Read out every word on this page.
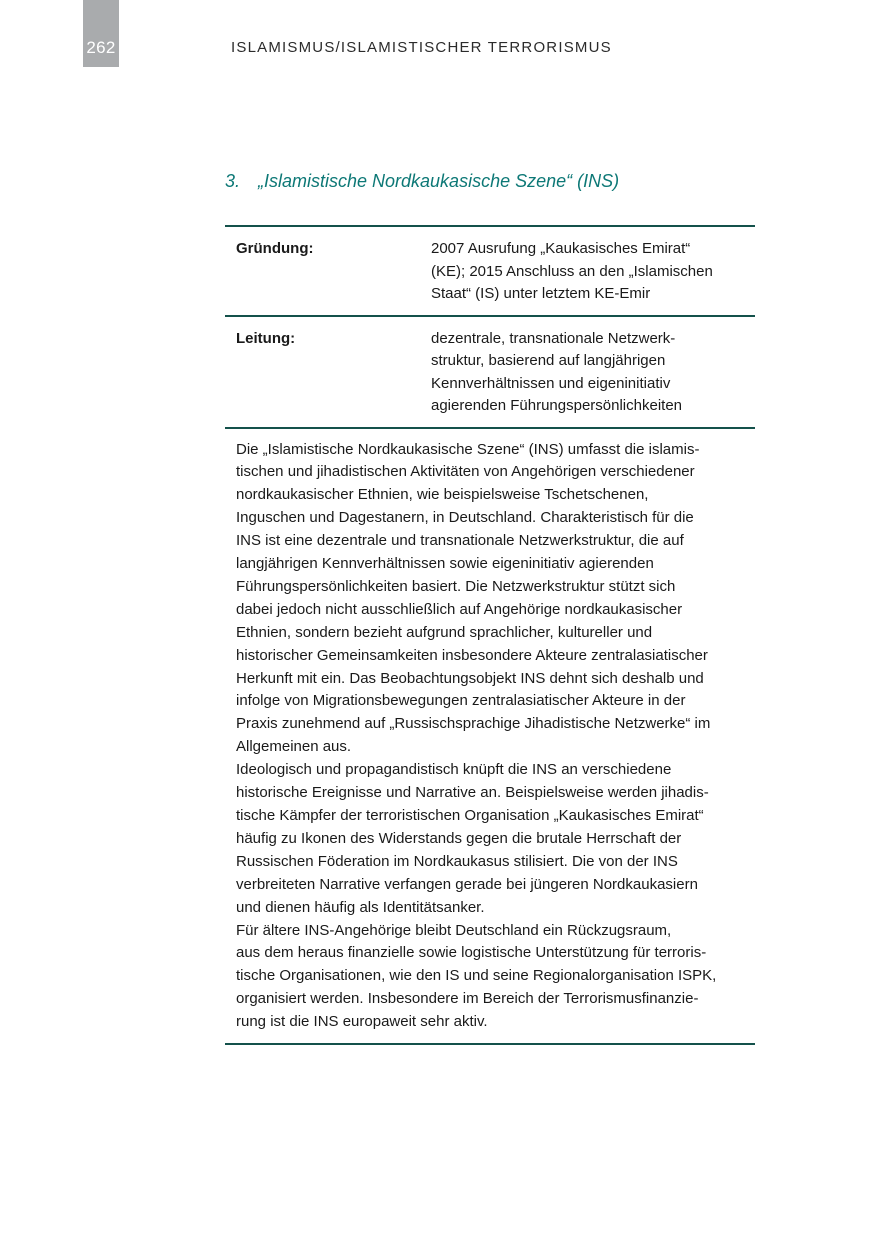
262	ISLAMISMUS/ISLAMISTISCHER TERRORISMUS
3. „Islamistische Nordkaukasische Szene“ (INS)
Gründung:	2007 Ausrufung „Kaukasisches Emirat“
(KE); 2015 Anschluss an den „Islamischen
Staat“ (IS) unter letztem KE-Emir
Leitung:	dezentrale, transnationale Netzwerk-
struktur, basierend auf langjährigen
Kennverhältnissen und eigeninitiativ
agierenden Führungspersönlichkeiten

Die „Islamistische Nordkaukasische Szene“ (INS) umfasst die islamis-

tischen und jihadistischen Aktivitäten von Angehörigen verschiedener

nordkaukasischer Ethnien, wie beispielsweise Tschetschenen,

Inguschen und Dagestanern, in Deutschland. Charakteristisch für die

INS ist eine dezentrale und transnationale Netzwerkstruktur, die auf

langjährigen Kennverhältnissen sowie eigeninitiativ agierenden

Führungspersönlichkeiten basiert. Die Netzwerkstruktur stützt sich

dabei jedoch nicht ausschließlich auf Angehörige nordkaukasischer

Ethnien, sondern bezieht aufgrund sprachlicher, kultureller und

historischer Gemeinsamkeiten insbesondere Akteure zentralasiatischer

Herkunft mit ein. Das Beobachtungsobjekt INS dehnt sich deshalb und

infolge von Migrationsbewegungen zentralasiatischer Akteure in der

Praxis zunehmend auf „Russischsprachige Jihadistische Netzwerke“ im

Allgemeinen aus.

Ideologisch und propagandistisch knüpft die INS an verschiedene

historische Ereignisse und Narrative an. Beispielsweise werden jihadis-

tische Kämpfer der terroristischen Organisation „Kaukasisches Emirat“

häufig zu Ikonen des Widerstands gegen die brutale Herrschaft der

Russischen Föderation im Nordkaukasus stilisiert. Die von der INS

verbreiteten Narrative verfangen gerade bei jüngeren Nordkaukasiern

und dienen häufig als Identitätsanker.

Für ältere INS-Angehörige bleibt Deutschland ein Rückzugsraum,

aus dem heraus finanzielle sowie logistische Unterstützung für terroris-

tische Organisationen, wie den IS und seine Regionalorganisation ISPK,

organisiert werden. Insbesondere im Bereich der Terrorismusfinanzie-

rung ist die INS europaweit sehr aktiv.
